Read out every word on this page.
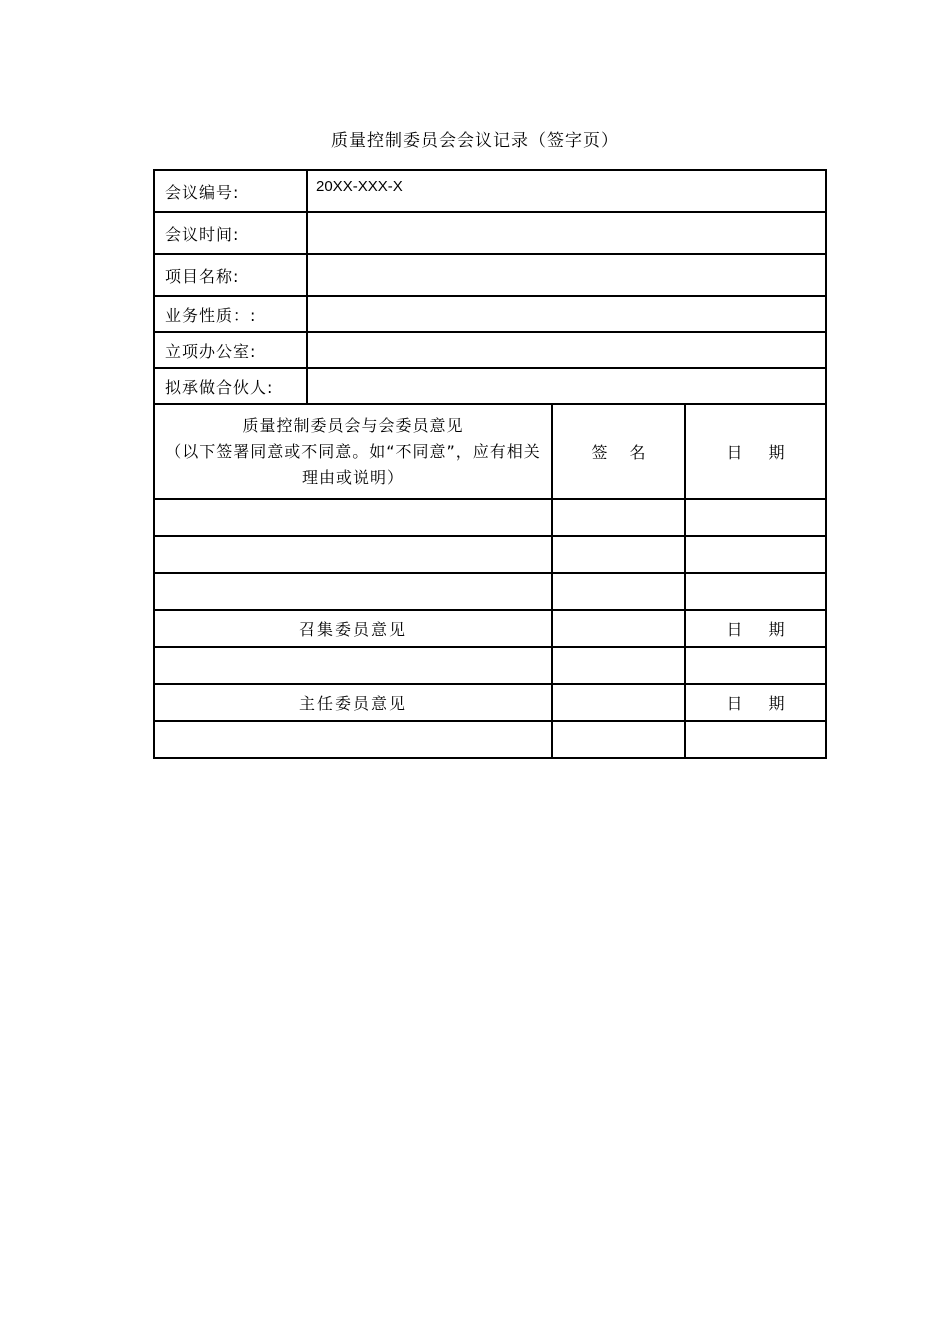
质量控制委员会会议记录（签字页）
会议编号:	20XX-XXX-X
会议时间:	
项目名称:	
业务性质：:	
立项办公室:	
拟承做合伙人:	
质量控制委员会与会委员意见
（以下签署同意或不同意。如“不同意”，应有相关理由或说明）	签名	日期

召集委员意见		日期

主任委员意见		日期
